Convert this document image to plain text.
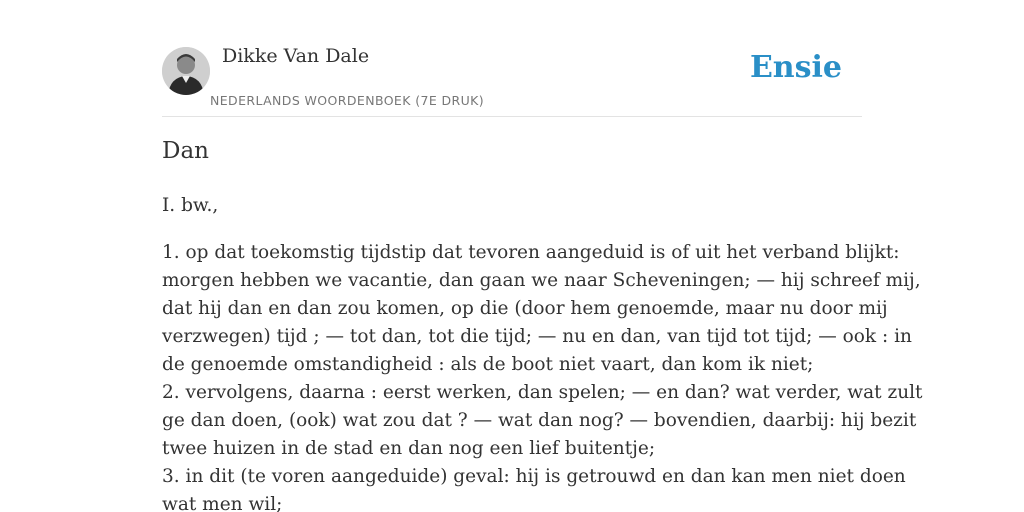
Dikke Van Dale
NEDERLANDS WOORDENBOEK (7E DRUK)
Ensie
Dan

I. bw.,

1. op dat toekomstig tijdstip dat tevoren aangeduid is of uit het verband blijkt:
morgen hebben we vacantie, dan gaan we naar Scheveningen; — hij schreef mij,
dat hij dan en dan zou komen, op die (door hem genoemde, maar nu door mij
verzwegen) tijd ; — tot dan, tot die tijd; — nu en dan, van tijd tot tijd; — ook : in
de genoemde omstandigheid : als de boot niet vaart, dan kom ik niet;
2. vervolgens, daarna : eerst werken, dan spelen; — en dan? wat verder, wat zult
ge dan doen, (ook) wat zou dat ? — wat dan nog? — bovendien, daarbij: hij bezit
twee huizen in de stad en dan nog een lief buitentje;
3. in dit (te voren aangeduide) geval: hij is getrouwd en dan kan men niet doen
wat men wil;
